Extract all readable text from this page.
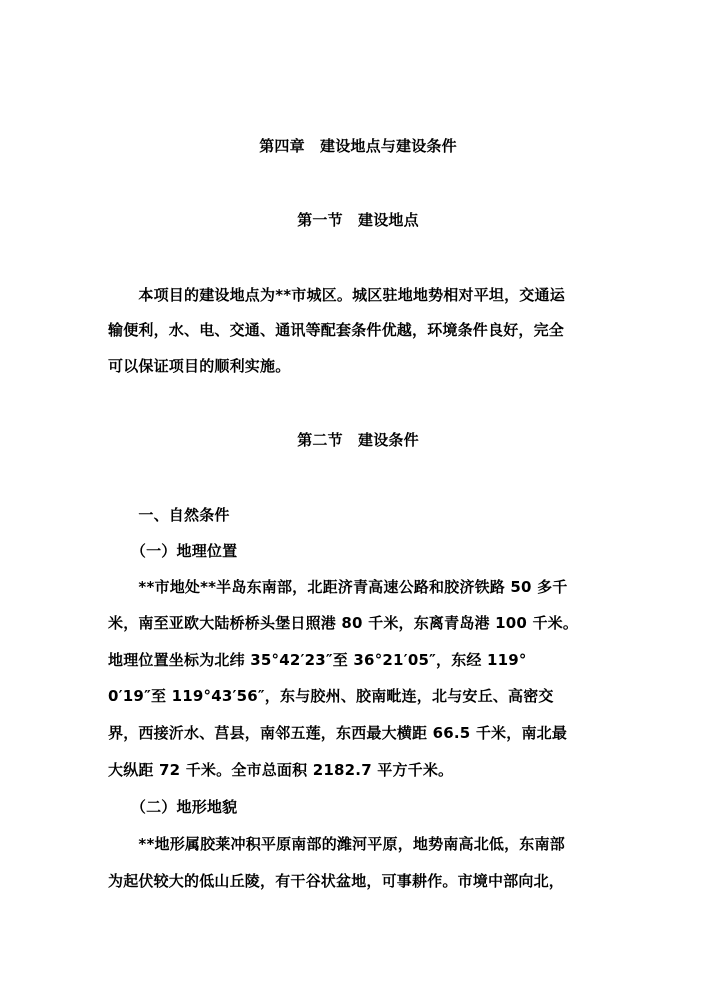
第四章　建设地点与建设条件
第一节　建设地点
　　本项目的建设地点为**市城区。城区驻地地势相对平坦，交通运
输便利，水、电、交通、通讯等配套条件优越，环境条件良好，完全
可以保证项目的顺利实施。
第二节　建设条件
　　一、自然条件
　　（一）地理位置
　　**市地处**半岛东南部，北距济青高速公路和胶济铁路 50 多千
米，南至亚欧大陆桥桥头堡日照港 80 千米，东离青岛港 100 千米。
地理位置坐标为北纬 35°42′23″至 36°21′05″，东经 119°
0′19″至 119°43′56″，东与胶州、胶南毗连，北与安丘、高密交
界，西接沂水、莒县，南邻五莲，东西最大横距 66.5 千米，南北最
大纵距 72 千米。全市总面积 2182.7 平方千米。
　　（二）地形地貌
　　**地形属胶莱冲积平原南部的潍河平原，地势南高北低，东南部
为起伏较大的低山丘陵，有干谷状盆地，可事耕作。市境中部向北，
